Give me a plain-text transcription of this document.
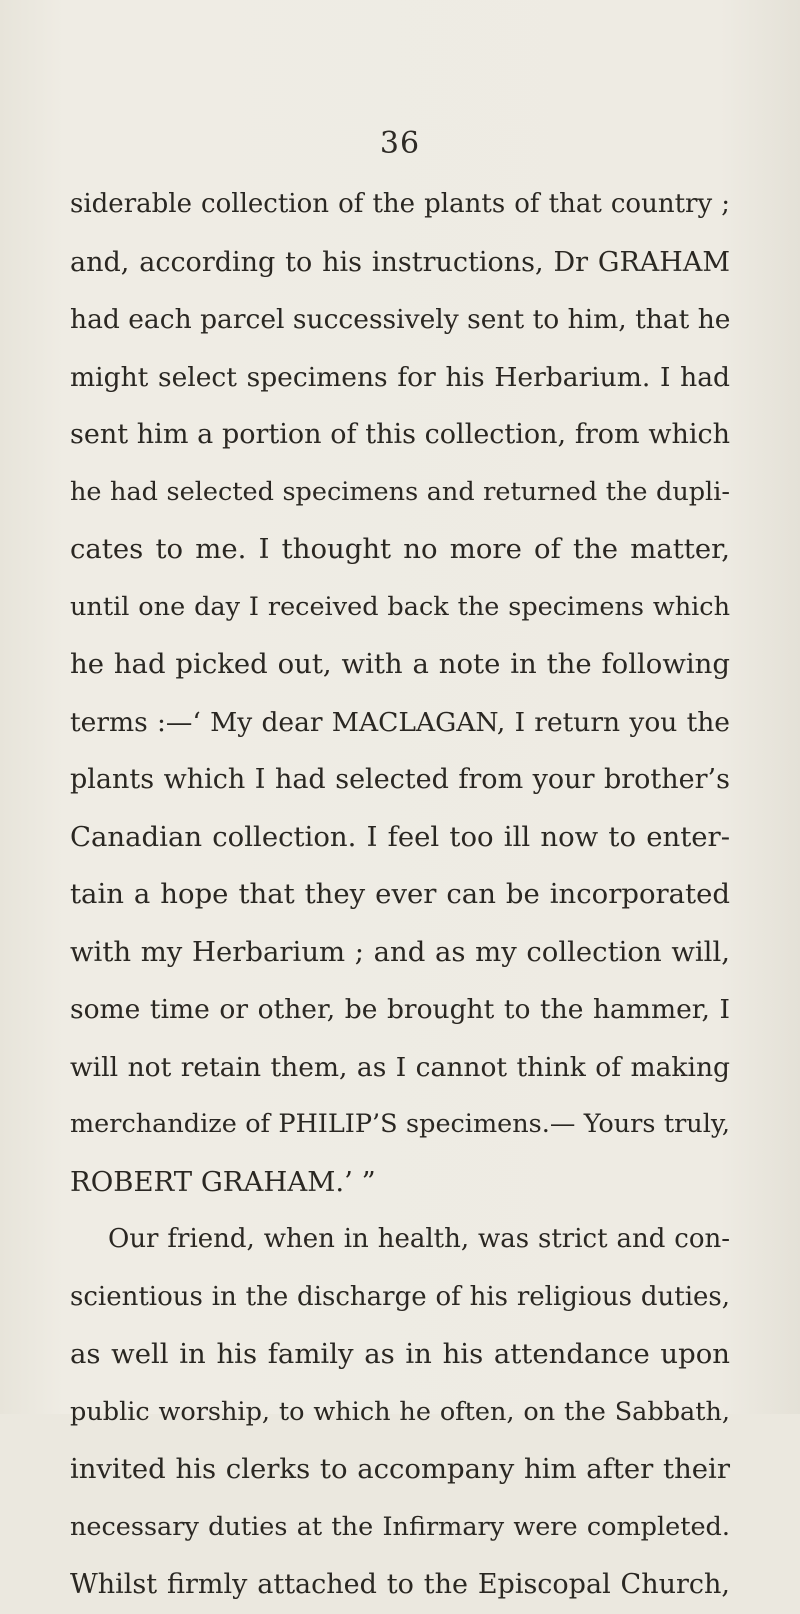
36
siderable collection of the plants of that country ;
and, according to his instructions, Dr GRAHAM
had each parcel successively sent to him, that he
might select specimens for his Herbarium. I had
sent him a portion of this collection, from which
he had selected specimens and returned the dupli-
cates to me. I thought no more of the matter,
until one day I received back the specimens which
he had picked out, with a note in the following
terms :—‘ My dear MACLAGAN, I return you the
plants which I had selected from your brother’s
Canadian collection. I feel too ill now to enter-
tain a hope that they ever can be incorporated
with my Herbarium ; and as my collection will,
some time or other, be brought to the hammer, I
will not retain them, as I cannot think of making
merchandize of PHILIP’S specimens.— Yours truly,
ROBERT GRAHAM.’ ”
Our friend, when in health, was strict and con-
scientious in the discharge of his religious duties,
as well in his family as in his attendance upon
public worship, to which he often, on the Sabbath,
invited his clerks to accompany him after their
necessary duties at the Infirmary were completed.
Whilst firmly attached to the Episcopal Church,
